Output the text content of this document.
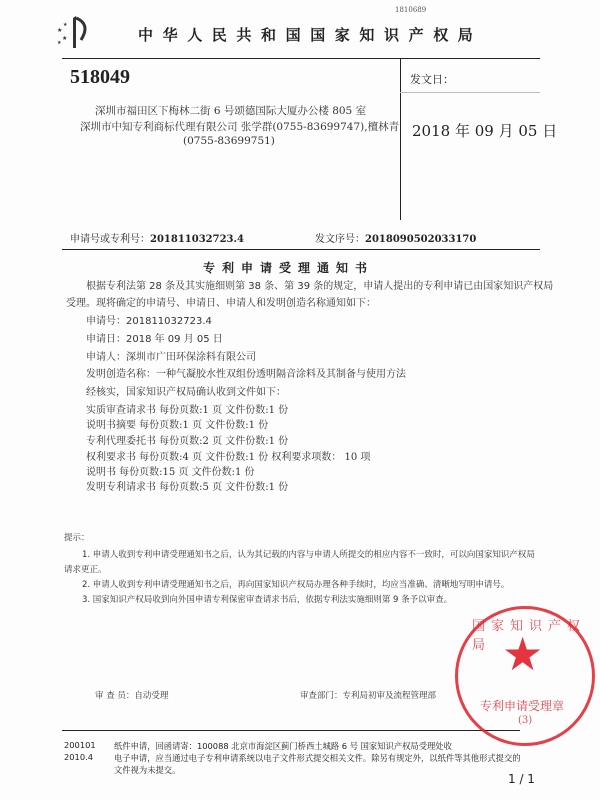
1810689
★
★
★
★
中华人民共和国国家知识产权局
518049
深圳市福田区下梅林二街 6 号颂德国际大厦办公楼 805 室
深圳市中知专利商标代理有限公司 张学群(0755-83699747),檀林青
(0755-83699751)
发文日：
2018 年 09 月 05 日
申请号或专利号：201811032723.4	发文序号：2018090502033170
专利申请受理通知书
根据专利法第 28 条及其实施细则第 38 条、第 39 条的规定，申请人提出的专利申请已由国家知识产权局
受理。现将确定的申请号、申请日、申请人和发明创造名称通知如下：
申请号：201811032723.4
申请日：2018 年 09 月 05 日
申请人：深圳市广田环保涂料有限公司
发明创造名称：一种气凝胶水性双组份透明隔音涂料及其制备与使用方法
经核实，国家知识产权局确认收到文件如下：
实质审查请求书 每份页数:1 页 文件份数:1 份
说明书摘要 每份页数:1 页 文件份数:1 份
专利代理委托书 每份页数:2 页 文件份数:1 份
权利要求书 每份页数:4 页 文件份数:1 份 权利要求项数： 10 项
说明书 每份页数:15 页 文件份数:1 份
发明专利请求书 每份页数:5 页 文件份数:1 份
提示：
1. 申请人收到专利申请受理通知书之后，认为其记载的内容与申请人所提交的相应内容不一致时，可以向国家知识产权局
请求更正。
2. 申请人收到专利申请受理通知书之后，再向国家知识产权局办理各种手续时，均应当准确、清晰地写明申请号。
3. 国家知识产权局收到向外国申请专利保密审查请求书后，依据专利法实施细则第 9 条予以审查。
审 查 员：自动受理	审查部门：专利局初审及流程管理部
200101
2010.4
纸件申请，回函请寄：100088 北京市海淀区蓟门桥西土城路 6 号 国家知识产权局受理处收
电子申请，应当通过电子专利申请系统以电子文件形式提交相关文件。除另有规定外，以纸件等其他形式提交的
文件视为未提交。
1 / 1
国家知识产权局 ★
专利申请受理章
(3)
